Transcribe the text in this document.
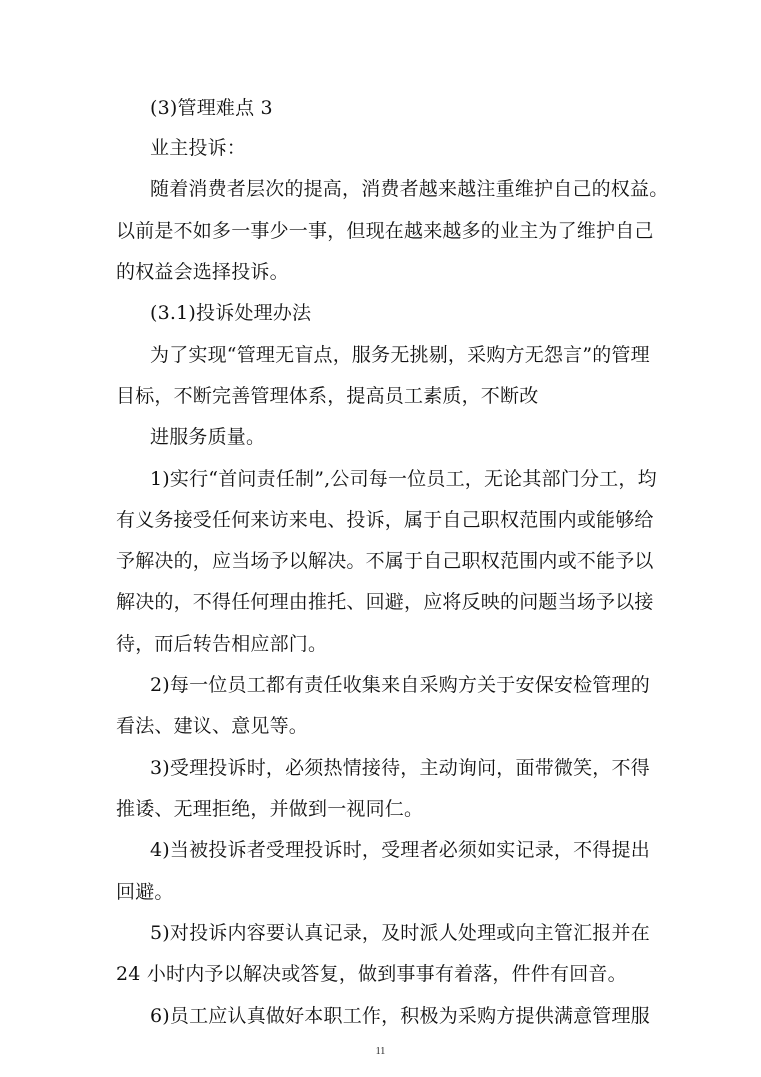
(3)管理难点 3
业主投诉：
随着消费者层次的提高，消费者越来越注重维护自己的权益。
以前是不如多一事少一事，但现在越来越多的业主为了维护自己
的权益会选择投诉。
(3.1)投诉处理办法
为了实现“管理无盲点，服务无挑剔，采购方无怨言”的管理
目标，不断完善管理体系，提高员工素质，不断改
进服务质量。
1)实行“首问责任制”,公司每一位员工，无论其部门分工，均
有义务接受任何来访来电、投诉，属于自己职权范围内或能够给
予解决的，应当场予以解决。不属于自己职权范围内或不能予以
解决的，不得任何理由推托、回避，应将反映的问题当场予以接
待，而后转告相应部门。
2)每一位员工都有责任收集来自采购方关于安保安检管理的
看法、建议、意见等。
3)受理投诉时，必须热情接待，主动询问，面带微笑，不得
推诿、无理拒绝，并做到一视同仁。
4)当被投诉者受理投诉时，受理者必须如实记录，不得提出
回避。
5)对投诉内容要认真记录，及时派人处理或向主管汇报并在
24 小时内予以解决或答复，做到事事有着落，件件有回音。
6)员工应认真做好本职工作，积极为采购方提供满意管理服
11
